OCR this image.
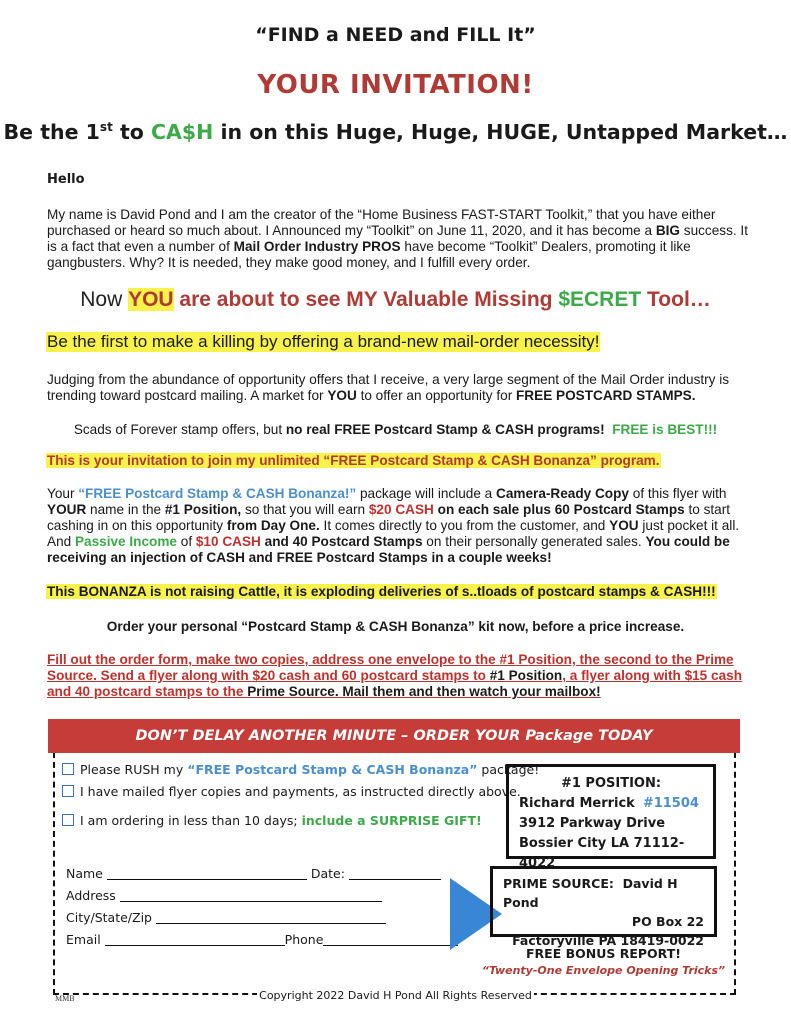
“FIND a NEED and FILL It”
YOUR INVITATION!
Be the 1st to CA$H in on this Huge, Huge, HUGE, Untapped Market…
Hello
My name is David Pond and I am the creator of the “Home Business FAST-START Toolkit,” that you have either purchased or heard so much about. I Announced my “Toolkit” on June 11, 2020, and it has become a BIG success. It is a fact that even a number of Mail Order Industry PROS have become “Toolkit” Dealers, promoting it like gangbusters. Why? It is needed, they make good money, and I fulfill every order.
Now YOU are about to see MY Valuable Missing $ECRET Tool…
Be the first to make a killing by offering a brand-new mail-order necessity!
Judging from the abundance of opportunity offers that I receive, a very large segment of the Mail Order industry is trending toward postcard mailing. A market for YOU to offer an opportunity for FREE POSTCARD STAMPS.
Scads of Forever stamp offers, but no real FREE Postcard Stamp & CASH programs! FREE is BEST!!!
This is your invitation to join my unlimited “FREE Postcard Stamp & CASH Bonanza” program.
Your “FREE Postcard Stamp & CASH Bonanza!” package will include a Camera-Ready Copy of this flyer with YOUR name in the #1 Position, so that you will earn $20 CASH on each sale plus 60 Postcard Stamps to start cashing in on this opportunity from Day One. It comes directly to you from the customer, and YOU just pocket it all. And Passive Income of $10 CASH and 40 Postcard Stamps on their personally generated sales. You could be receiving an injection of CASH and FREE Postcard Stamps in a couple weeks!
This BONANZA is not raising Cattle, it is exploding deliveries of s..tloads of postcard stamps & CASH!!!
Order your personal “Postcard Stamp & CASH Bonanza” kit now, before a price increase.
Fill out the order form, make two copies, address one envelope to the #1 Position, the second to the Prime Source. Send a flyer along with $20 cash and 60 postcard stamps to #1 Position, a flyer along with $15 cash and 40 postcard stamps to the Prime Source. Mail them and then watch your mailbox!
DON’T DELAY ANOTHER MINUTE – ORDER YOUR Package TODAY
Please RUSH my “FREE Postcard Stamp & CASH Bonanza” package!
I have mailed flyer copies and payments, as instructed directly above.
I am ordering in less than 10 days; include a SURPRISE GIFT!
#1 POSITION:
Richard Merrick #11504
3912 Parkway Drive
Bossier City LA 71112-4022
Name	Date:
Address
City/State/Zip
Email	Phone
PRIME SOURCE: David H Pond
PO Box 22
Factoryville PA 18419-0022
FREE BONUS REPORT!
“Twenty-One Envelope Opening Tricks”
Copyright 2022 David H Pond All Rights Reserved
MMB
